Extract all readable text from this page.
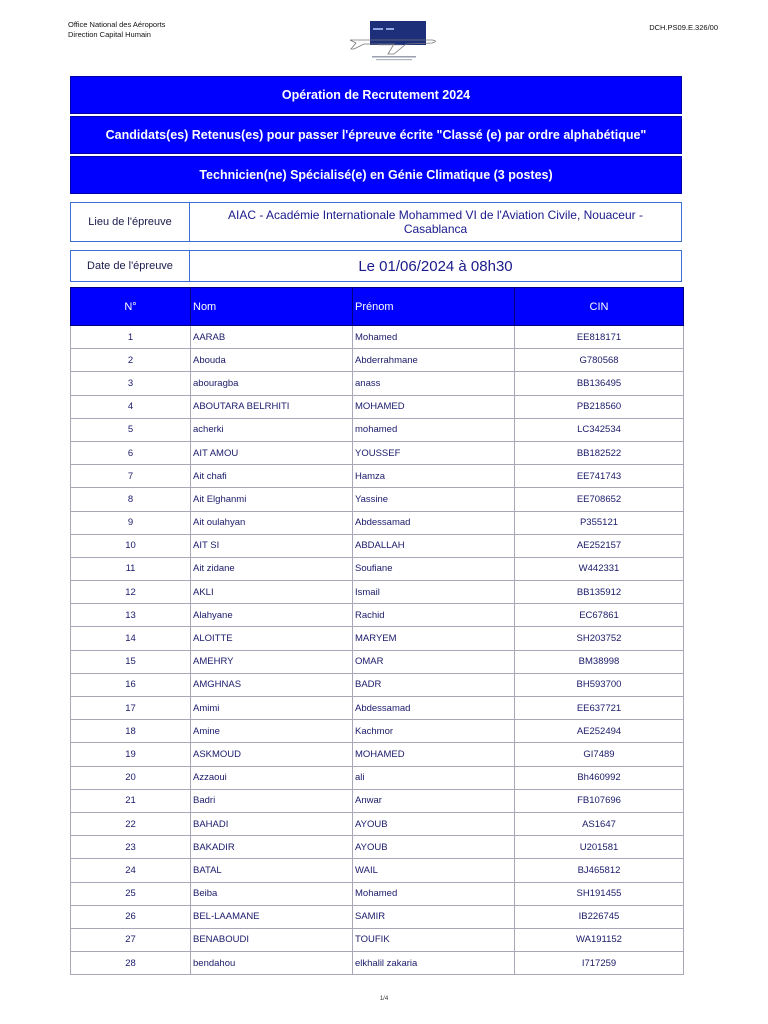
Office National des Aéroports
Direction Capital Humain
DCH.PS09.E.326/00
Opération de Recrutement 2024
Candidats(es) Retenus(es) pour passer l'épreuve écrite "Classé (e) par ordre alphabétique"
Technicien(ne) Spécialisé(e) en Génie Climatique (3 postes)
Lieu de l'épreuve	AIAC - Académie Internationale Mohammed VI de l'Aviation Civile, Nouaceur - Casablanca
Date de l'épreuve	Le 01/06/2024 à 08h30
N°	Nom	Prénom	CIN
1	AARAB	Mohamed	EE818171
2	Abouda	Abderrahmane	G780568
3	abouragba	anass	BB136495
4	ABOUTARA BELRHITI	MOHAMED	PB218560
5	acherki	mohamed	LC342534
6	AIT AMOU	YOUSSEF	BB182522
7	Ait chafi	Hamza	EE741743
8	Ait Elghanmi	Yassine	EE708652
9	Ait oulahyan	Abdessamad	P355121
10	AIT SI	ABDALLAH	AE252157
11	Ait zidane	Soufiane	W442331
12	AKLI	Ismail	BB135912
13	Alahyane	Rachid	EC67861
14	ALOITTE	MARYEM	SH203752
15	AMEHRY	OMAR	BM38998
16	AMGHNAS	BADR	BH593700
17	Amimi	Abdessamad	EE637721
18	Amine	Kachmor	AE252494
19	ASKMOUD	MOHAMED	GI7489
20	Azzaoui	ali	Bh460992
21	Badri	Anwar	FB107696
22	BAHADI	AYOUB	AS1647
23	BAKADIR	AYOUB	U201581
24	BATAL	WAIL	BJ465812
25	Beiba	Mohamed	SH191455
26	BEL-LAAMANE	SAMIR	IB226745
27	BENABOUDI	TOUFIK	WA191152
28	bendahou	elkhalil zakaria	I717259
1/4
